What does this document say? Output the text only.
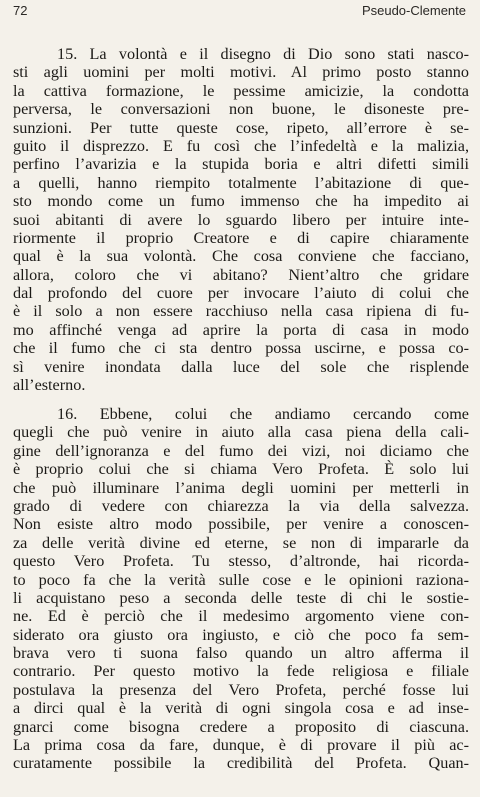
72	Pseudo-Clemente
15. La volontà e il disegno di Dio sono stati nasco-
sti agli uomini per molti motivi. Al primo posto stanno
la cattiva formazione, le pessime amicizie, la condotta
perversa, le conversazioni non buone, le disoneste pre-
sunzioni. Per tutte queste cose, ripeto, all’errore è se-
guito il disprezzo. E fu così che l’infedeltà e la malizia,
perfino l’avarizia e la stupida boria e altri difetti simili
a quelli, hanno riempito totalmente l’abitazione di que-
sto mondo come un fumo immenso che ha impedito ai
suoi abitanti di avere lo sguardo libero per intuire inte-
riormente il proprio Creatore e di capire chiaramente
qual è la sua volontà. Che cosa conviene che facciano,
allora, coloro che vi abitano? Nient’altro che gridare
dal profondo del cuore per invocare l’aiuto di colui che
è il solo a non essere racchiuso nella casa ripiena di fu-
mo affinché venga ad aprire la porta di casa in modo
che il fumo che ci sta dentro possa uscirne, e possa co-
sì venire inondata dalla luce del sole che risplende
all’esterno.
16. Ebbene, colui che andiamo cercando come
quegli che può venire in aiuto alla casa piena della cali-
gine dell’ignoranza e del fumo dei vizi, noi diciamo che
è proprio colui che si chiama Vero Profeta. È solo lui
che può illuminare l’anima degli uomini per metterli in
grado di vedere con chiarezza la via della salvezza.
Non esiste altro modo possibile, per venire a conoscen-
za delle verità divine ed eterne, se non di impararle da
questo Vero Profeta. Tu stesso, d’altronde, hai ricorda-
to poco fa che la verità sulle cose e le opinioni raziona-
li acquistano peso a seconda delle teste di chi le sostie-
ne. Ed è perciò che il medesimo argomento viene con-
siderato ora giusto ora ingiusto, e ciò che poco fa sem-
brava vero ti suona falso quando un altro afferma il
contrario. Per questo motivo la fede religiosa e filiale
postulava la presenza del Vero Profeta, perché fosse lui
a dirci qual è la verità di ogni singola cosa e ad inse-
gnarci come bisogna credere a proposito di ciascuna.
La prima cosa da fare, dunque, è di provare il più ac-
curatamente possibile la credibilità del Profeta. Quan-
